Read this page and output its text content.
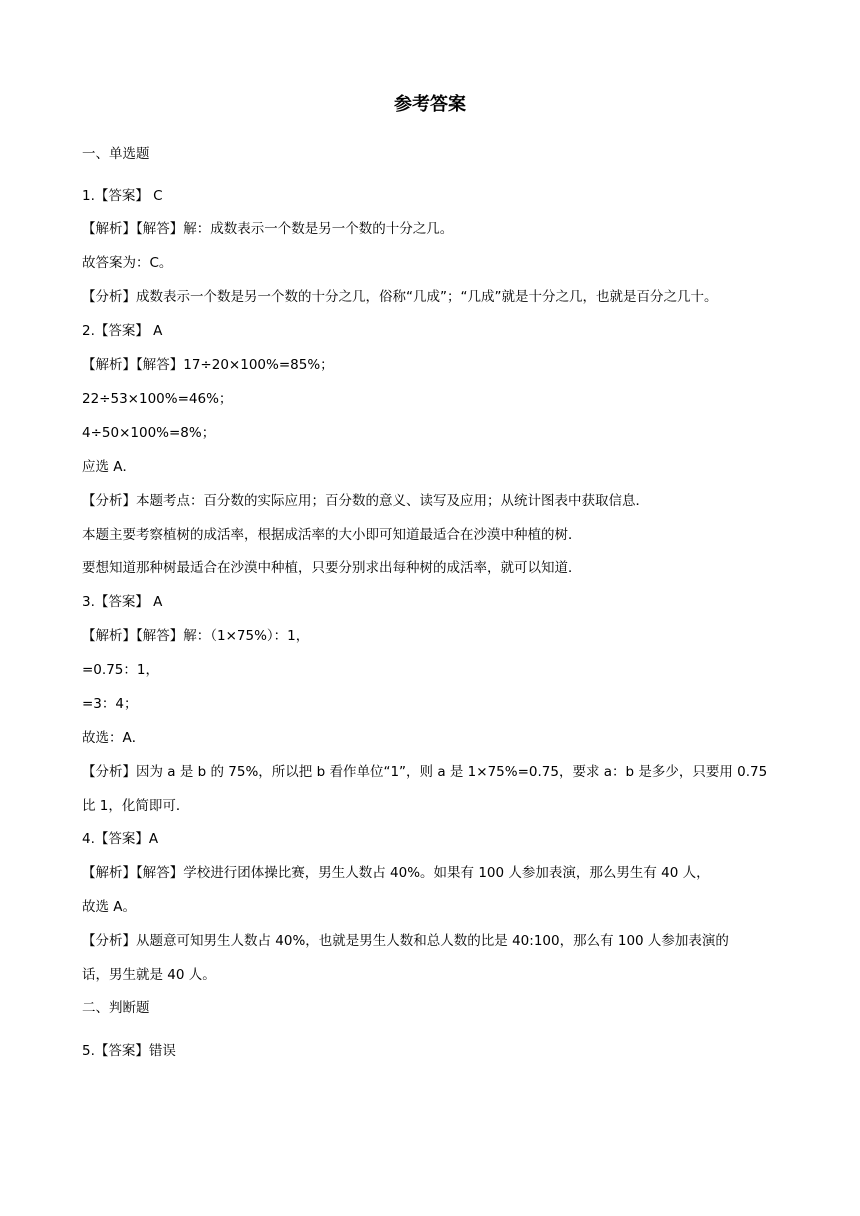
参考答案
一、单选题
1.【答案】 C
【解析】【解答】解：成数表示一个数是另一个数的十分之几。
故答案为：C。
【分析】成数表示一个数是另一个数的十分之几，俗称“几成”；“几成”就是十分之几，也就是百分之几十。
2.【答案】 A
【解析】【解答】17÷20×100%=85%；
22÷53×100%=46%；
4÷50×100%=8%；
应选 A．
【分析】本题考点：百分数的实际应用；百分数的意义、读写及应用；从统计图表中获取信息．
本题主要考察植树的成活率，根据成活率的大小即可知道最适合在沙漠中种植的树．
要想知道那种树最适合在沙漠中种植，只要分别求出每种树的成活率，就可以知道．
3.【答案】 A
【解析】【解答】解：（1×75%）：1，
=0.75：1，
=3：4；
故选：A．
【分析】因为 a 是 b 的 75%，所以把 b 看作单位“1”，则 a 是 1×75%=0.75，要求 a：b 是多少，只要用 0.75
比 1，化简即可．
4.【答案】A
【解析】【解答】学校进行团体操比赛，男生人数占 40%。如果有 100 人参加表演，那么男生有 40 人，
故选 A。
【分析】从题意可知男生人数占 40%，也就是男生人数和总人数的比是 40:100，那么有 100 人参加表演的
话，男生就是 40 人。
二、判断题
5.【答案】错误
